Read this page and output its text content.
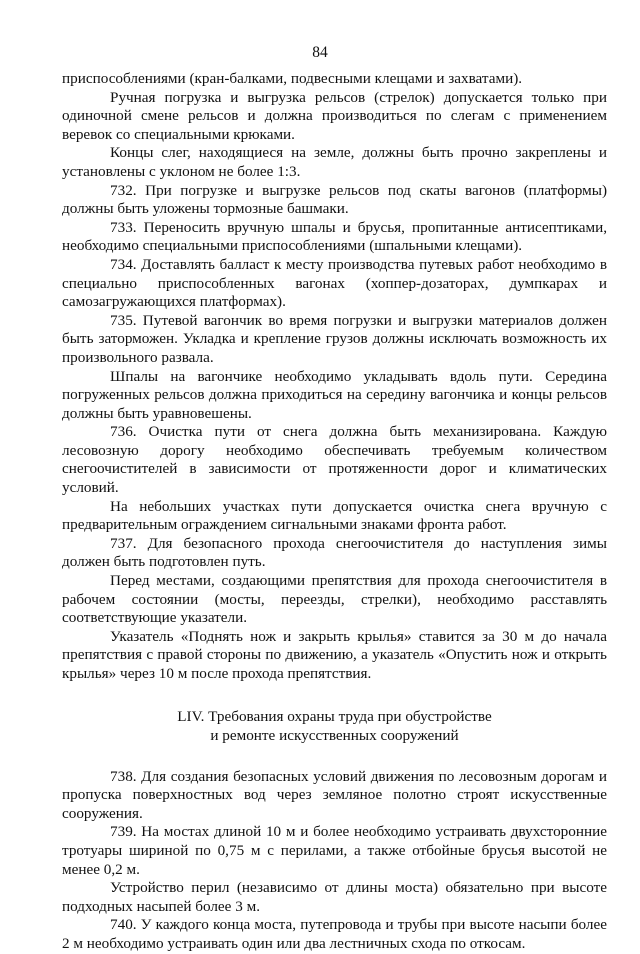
84

приспособлениями (кран-балками, подвесными клещами и захватами).

Ручная погрузка и выгрузка рельсов (стрелок) допускается только при одиночной смене рельсов и должна производиться по слегам с применением веревок со специальными крюками.

Концы слег, находящиеся на земле, должны быть прочно закреплены и установлены с уклоном не более 1:3.

732. При погрузке и выгрузке рельсов под скаты вагонов (платформы) должны быть уложены тормозные башмаки.

733. Переносить вручную шпалы и брусья, пропитанные антисептиками, необходимо специальными приспособлениями (шпальными клещами).

734. Доставлять балласт к месту производства путевых работ необходимо в специально приспособленных вагонах (хоппер-дозаторах, думпкарах и самозагружающихся платформах).

735. Путевой вагончик во время погрузки и выгрузки материалов должен быть заторможен. Укладка и крепление грузов должны исключать возможность их произвольного развала.

Шпалы на вагончике необходимо укладывать вдоль пути. Середина погруженных рельсов должна приходиться на середину вагончика и концы рельсов должны быть уравновешены.

736. Очистка пути от снега должна быть механизирована. Каждую лесовозную дорогу необходимо обеспечивать требуемым количеством снегоочистителей в зависимости от протяженности дорог и климатических условий.

На небольших участках пути допускается очистка снега вручную с предварительным ограждением сигнальными знаками фронта работ.

737. Для безопасного прохода снегоочистителя до наступления зимы должен быть подготовлен путь.

Перед местами, создающими препятствия для прохода снегоочистителя в рабочем состоянии (мосты, переезды, стрелки), необходимо расставлять соответствующие указатели.

Указатель «Поднять нож и закрыть крылья» ставится за 30 м до начала препятствия с правой стороны по движению, а указатель «Опустить нож и открыть крылья» через 10 м после прохода препятствия.

LIV. Требования охраны труда при обустройстве
и ремонте искусственных сооружений

738. Для создания безопасных условий движения по лесовозным дорогам и пропуска поверхностных вод через земляное полотно строят искусственные сооружения.

739. На мостах длиной 10 м и более необходимо устраивать двухсторонние тротуары шириной по 0,75 м с перилами, а также отбойные брусья высотой не менее 0,2 м.

Устройство перил (независимо от длины моста) обязательно при высоте подходных насыпей более 3 м.

740. У каждого конца моста, путепровода и трубы при высоте насыпи более 2 м необходимо устраивать один или два лестничных схода по откосам.
